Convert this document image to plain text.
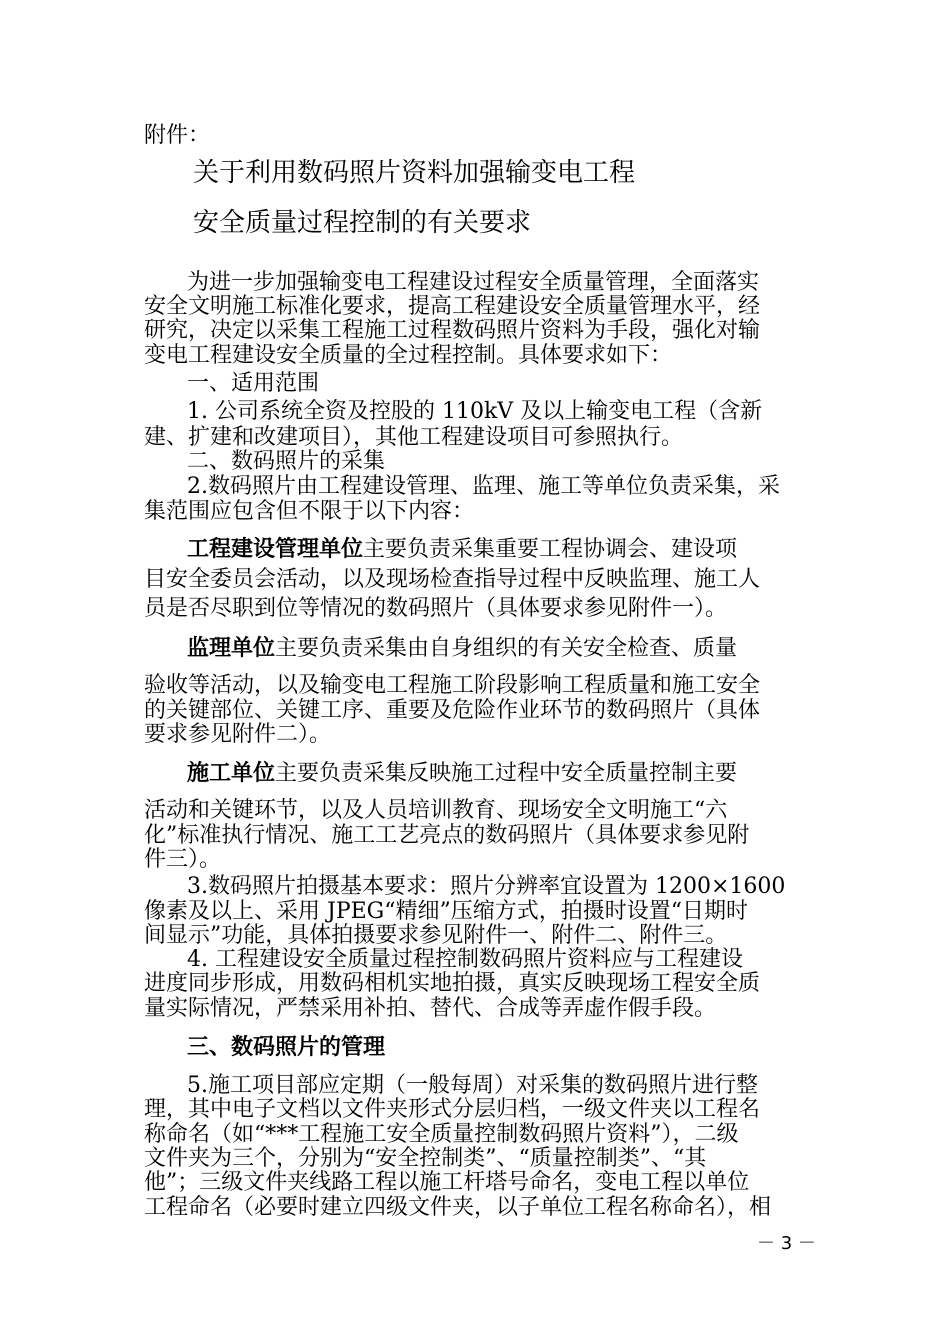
附件：
关于利用数码照片资料加强输变电工程
安全质量过程控制的有关要求
为进一步加强输变电工程建设过程安全质量管理，全面落实
安全文明施工标准化要求，提高工程建设安全质量管理水平，经
研究，决定以采集工程施工过程数码照片资料为手段，强化对输
变电工程建设安全质量的全过程控制。具体要求如下：
一、适用范围
1. 公司系统全资及控股的 110kV 及以上输变电工程（含新
建、扩建和改建项目），其他工程建设项目可参照执行。
二、数码照片的采集
2.数码照片由工程建设管理、监理、施工等单位负责采集，采
集范围应包含但不限于以下内容：
工程建设管理单位主要负责采集重要工程协调会、建设项
目安全委员会活动，以及现场检查指导过程中反映监理、施工人
员是否尽职到位等情况的数码照片（具体要求参见附件一）。
监理单位主要负责采集由自身组织的有关安全检查、质量
验收等活动，以及输变电工程施工阶段影响工程质量和施工安全
的关键部位、关键工序、重要及危险作业环节的数码照片（具体
要求参见附件二）。
施工单位主要负责采集反映施工过程中安全质量控制主要
活动和关键环节，以及人员培训教育、现场安全文明施工“六
化”标准执行情况、施工工艺亮点的数码照片（具体要求参见附
件三）。
3.数码照片拍摄基本要求：照片分辨率宜设置为 1200×1600
像素及以上、采用 JPEG“精细”压缩方式，拍摄时设置“日期时
间显示”功能，具体拍摄要求参见附件一、附件二、附件三。
4. 工程建设安全质量过程控制数码照片资料应与工程建设
进度同步形成，用数码相机实地拍摄，真实反映现场工程安全质
量实际情况，严禁采用补拍、替代、合成等弄虚作假手段。
三、数码照片的管理
5.施工项目部应定期（一般每周）对采集的数码照片进行整
理，其中电子文档以文件夹形式分层归档，一级文件夹以工程名
称命名（如“***工程施工安全质量控制数码照片资料”），二级
文件夹为三个，分别为“安全控制类”、“质量控制类”、“其
他”；三级文件夹线路工程以施工杆塔号命名，变电工程以单位
工程命名（必要时建立四级文件夹，以子单位工程名称命名），相
－ 3 －
